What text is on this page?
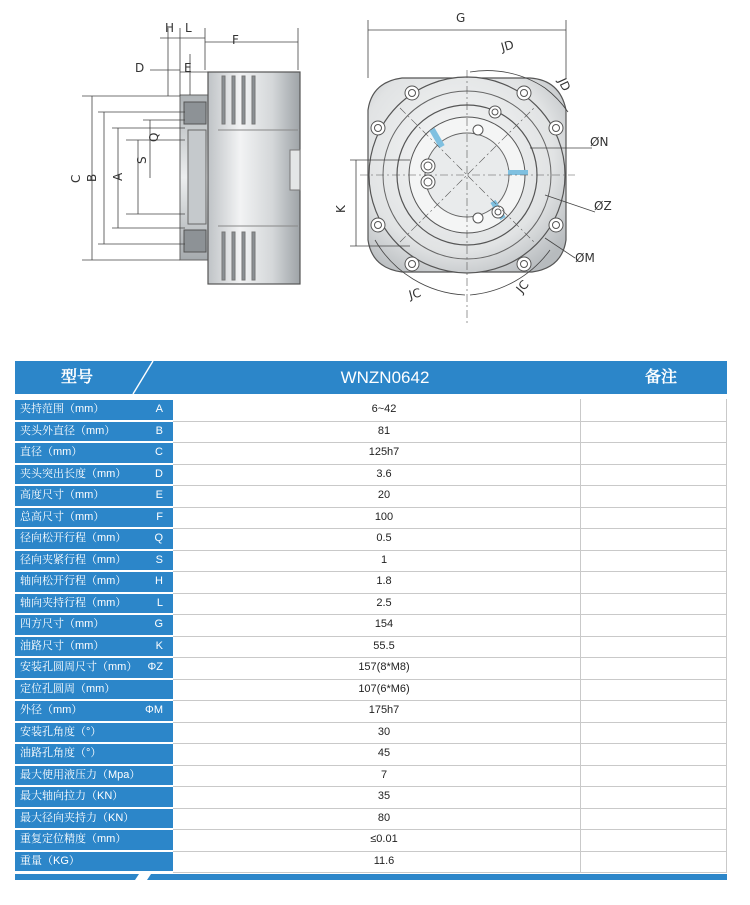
H L
F
D	E
C B A
S
Q
G
JD
JD
ØN
ØZ
ØM
K
JC	JC
型号	WNZN0642	备注
夹持范围（mm）	A	6~42
夹头外直径（mm）	B	81
直径（mm）	C	125h7
夹头突出长度（mm）	D	3.6
高度尺寸（mm）	E	20
总高尺寸（mm）	F	100
径向松开行程（mm）	Q	0.5
径向夹紧行程（mm）	S	1
轴向松开行程（mm）	H	1.8
轴向夹持行程（mm）	L	2.5
四方尺寸（mm）	G	154
油路尺寸（mm）	K	55.5
安装孔圆周尺寸（mm） ΦZ	157(8*M8)
定位孔圆周（mm）	107(6*M6)
外径（mm）	ΦM	175h7
安装孔角度（°）	30
油路孔角度（°）	45
最大使用液压力（Mpa）	7
最大轴向拉力（KN）	35
最大径向夹持力（KN）	80
重复定位精度（mm）	≤0.01
重量（KG）	11.6
